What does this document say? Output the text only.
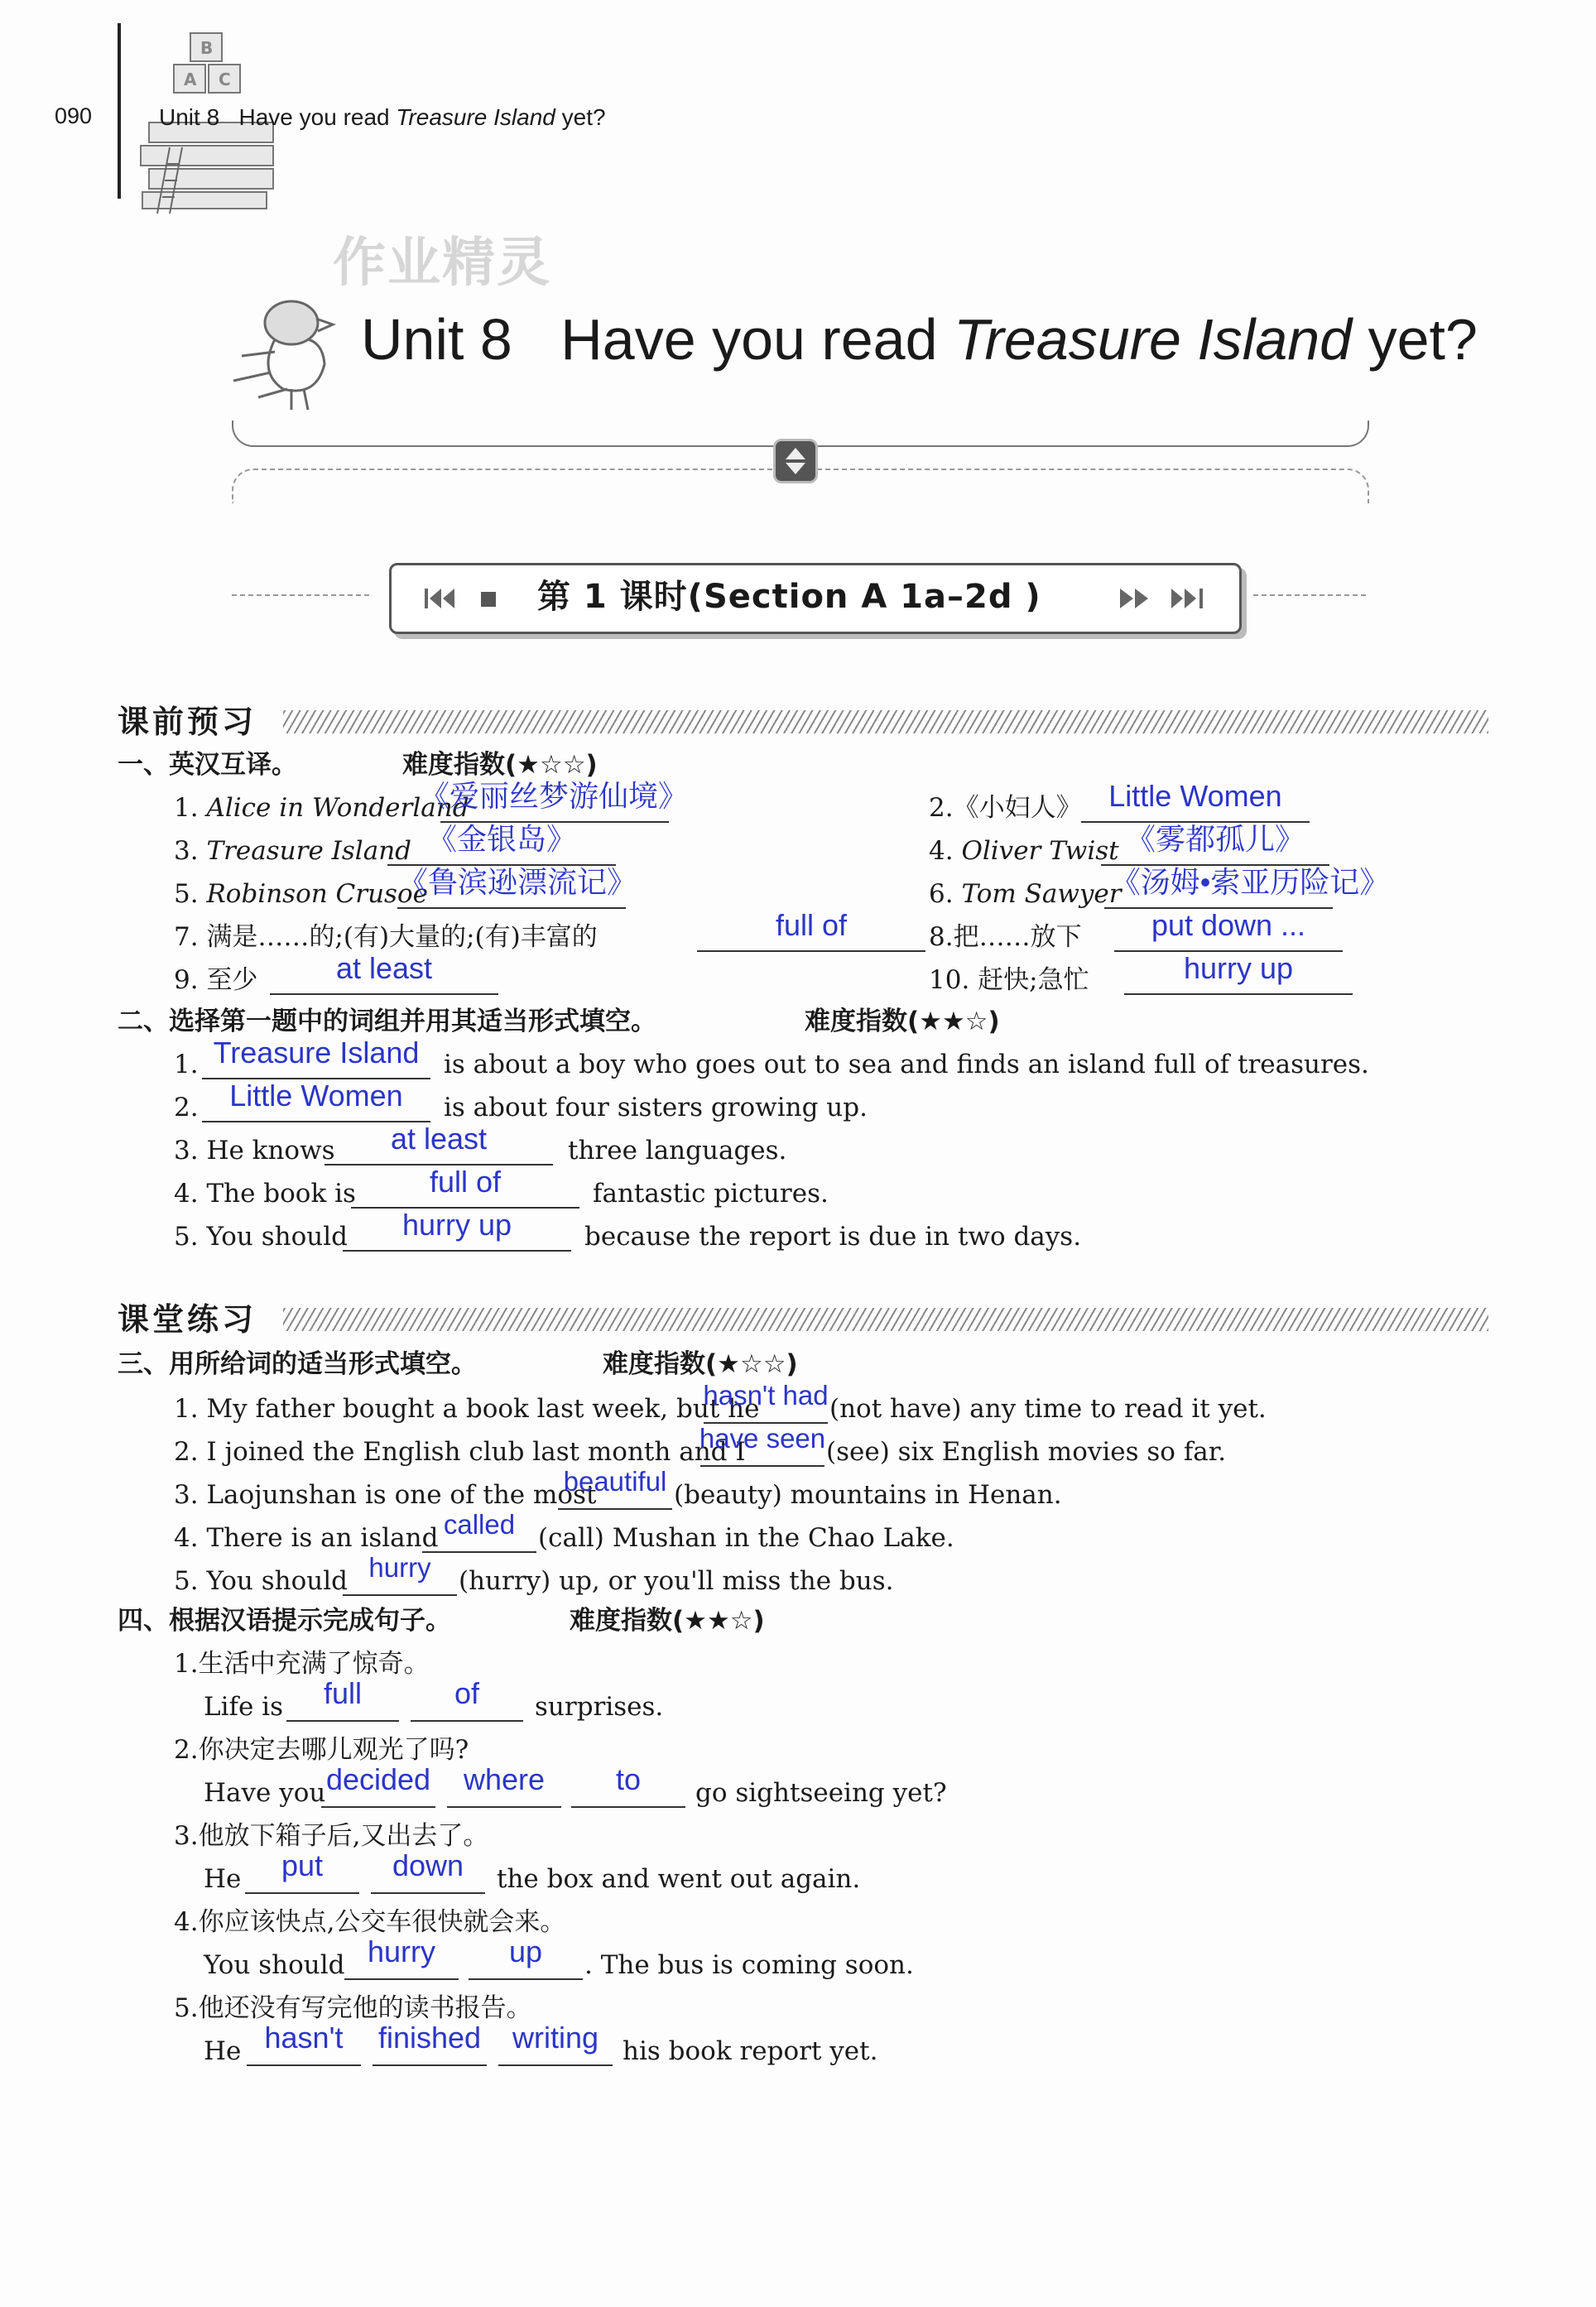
090
B
A C
Unit 8 Have you read Treasure Island yet?
作业精灵
Unit 8 Have you read Treasure Island yet?
第 1 课时(Section A 1a–2d )
课前预习
一、英汉互译。	难度指数(★☆☆)
1. Alice in Wonderland
《爱丽丝梦游仙境》
3. Treasure Island 《金银岛》
5. Robinson Crusoe
《鲁滨逊漂流记》
7. 满是……的;(有)大量的;(有)丰富的	full of
9. 至少	at least
2.《小妇人》 Little Women
4. Oliver Twist 《雾都孤儿》
6. Tom Sawyer
《汤姆•索亚历险记》
8.把……放下	put down ...
10. 赶快;急忙	hurry up
二、选择第一题中的词组并用其适当形式填空。	难度指数(★★☆)
1. Treasure Island is about a boy who goes out to sea and finds an island full of treasures.
2.	Little Women	is about four sisters growing up.
3. He knows	at least	three languages.
4. The book is	full of	fantastic pictures.
5. You should	hurry up	because the report is due in two days.
课堂练习
三、用所给词的适当形式填空。	难度指数(★☆☆)
1. My father bought a book last week, but he
hasn't had (not have) any time to read it yet.
2. I joined the English club last month and I
have seen (see) six English movies so far.
3. Laojunshan is one of the most
beautiful (beauty) mountains in Henan.
4. There is an island called (call) Mushan in the Chao Lake.
5. You should hurry	(hurry) up, or you'll miss the bus.
四、根据汉语提示完成句子。	难度指数(★★☆)
1.生活中充满了惊奇。
Life is	full	of	surprises.
2.你决定去哪儿观光了吗?
Have you decided	where	to	go sightseeing yet?
3.他放下箱子后,又出去了。
He	put	down	the box and went out again.
4.你应该快点,公交车很快就会来。
You should hurry	up	. The bus is coming soon.
5.他还没有写完他的读书报告。
He hasn't	finished	writing his book report yet.
